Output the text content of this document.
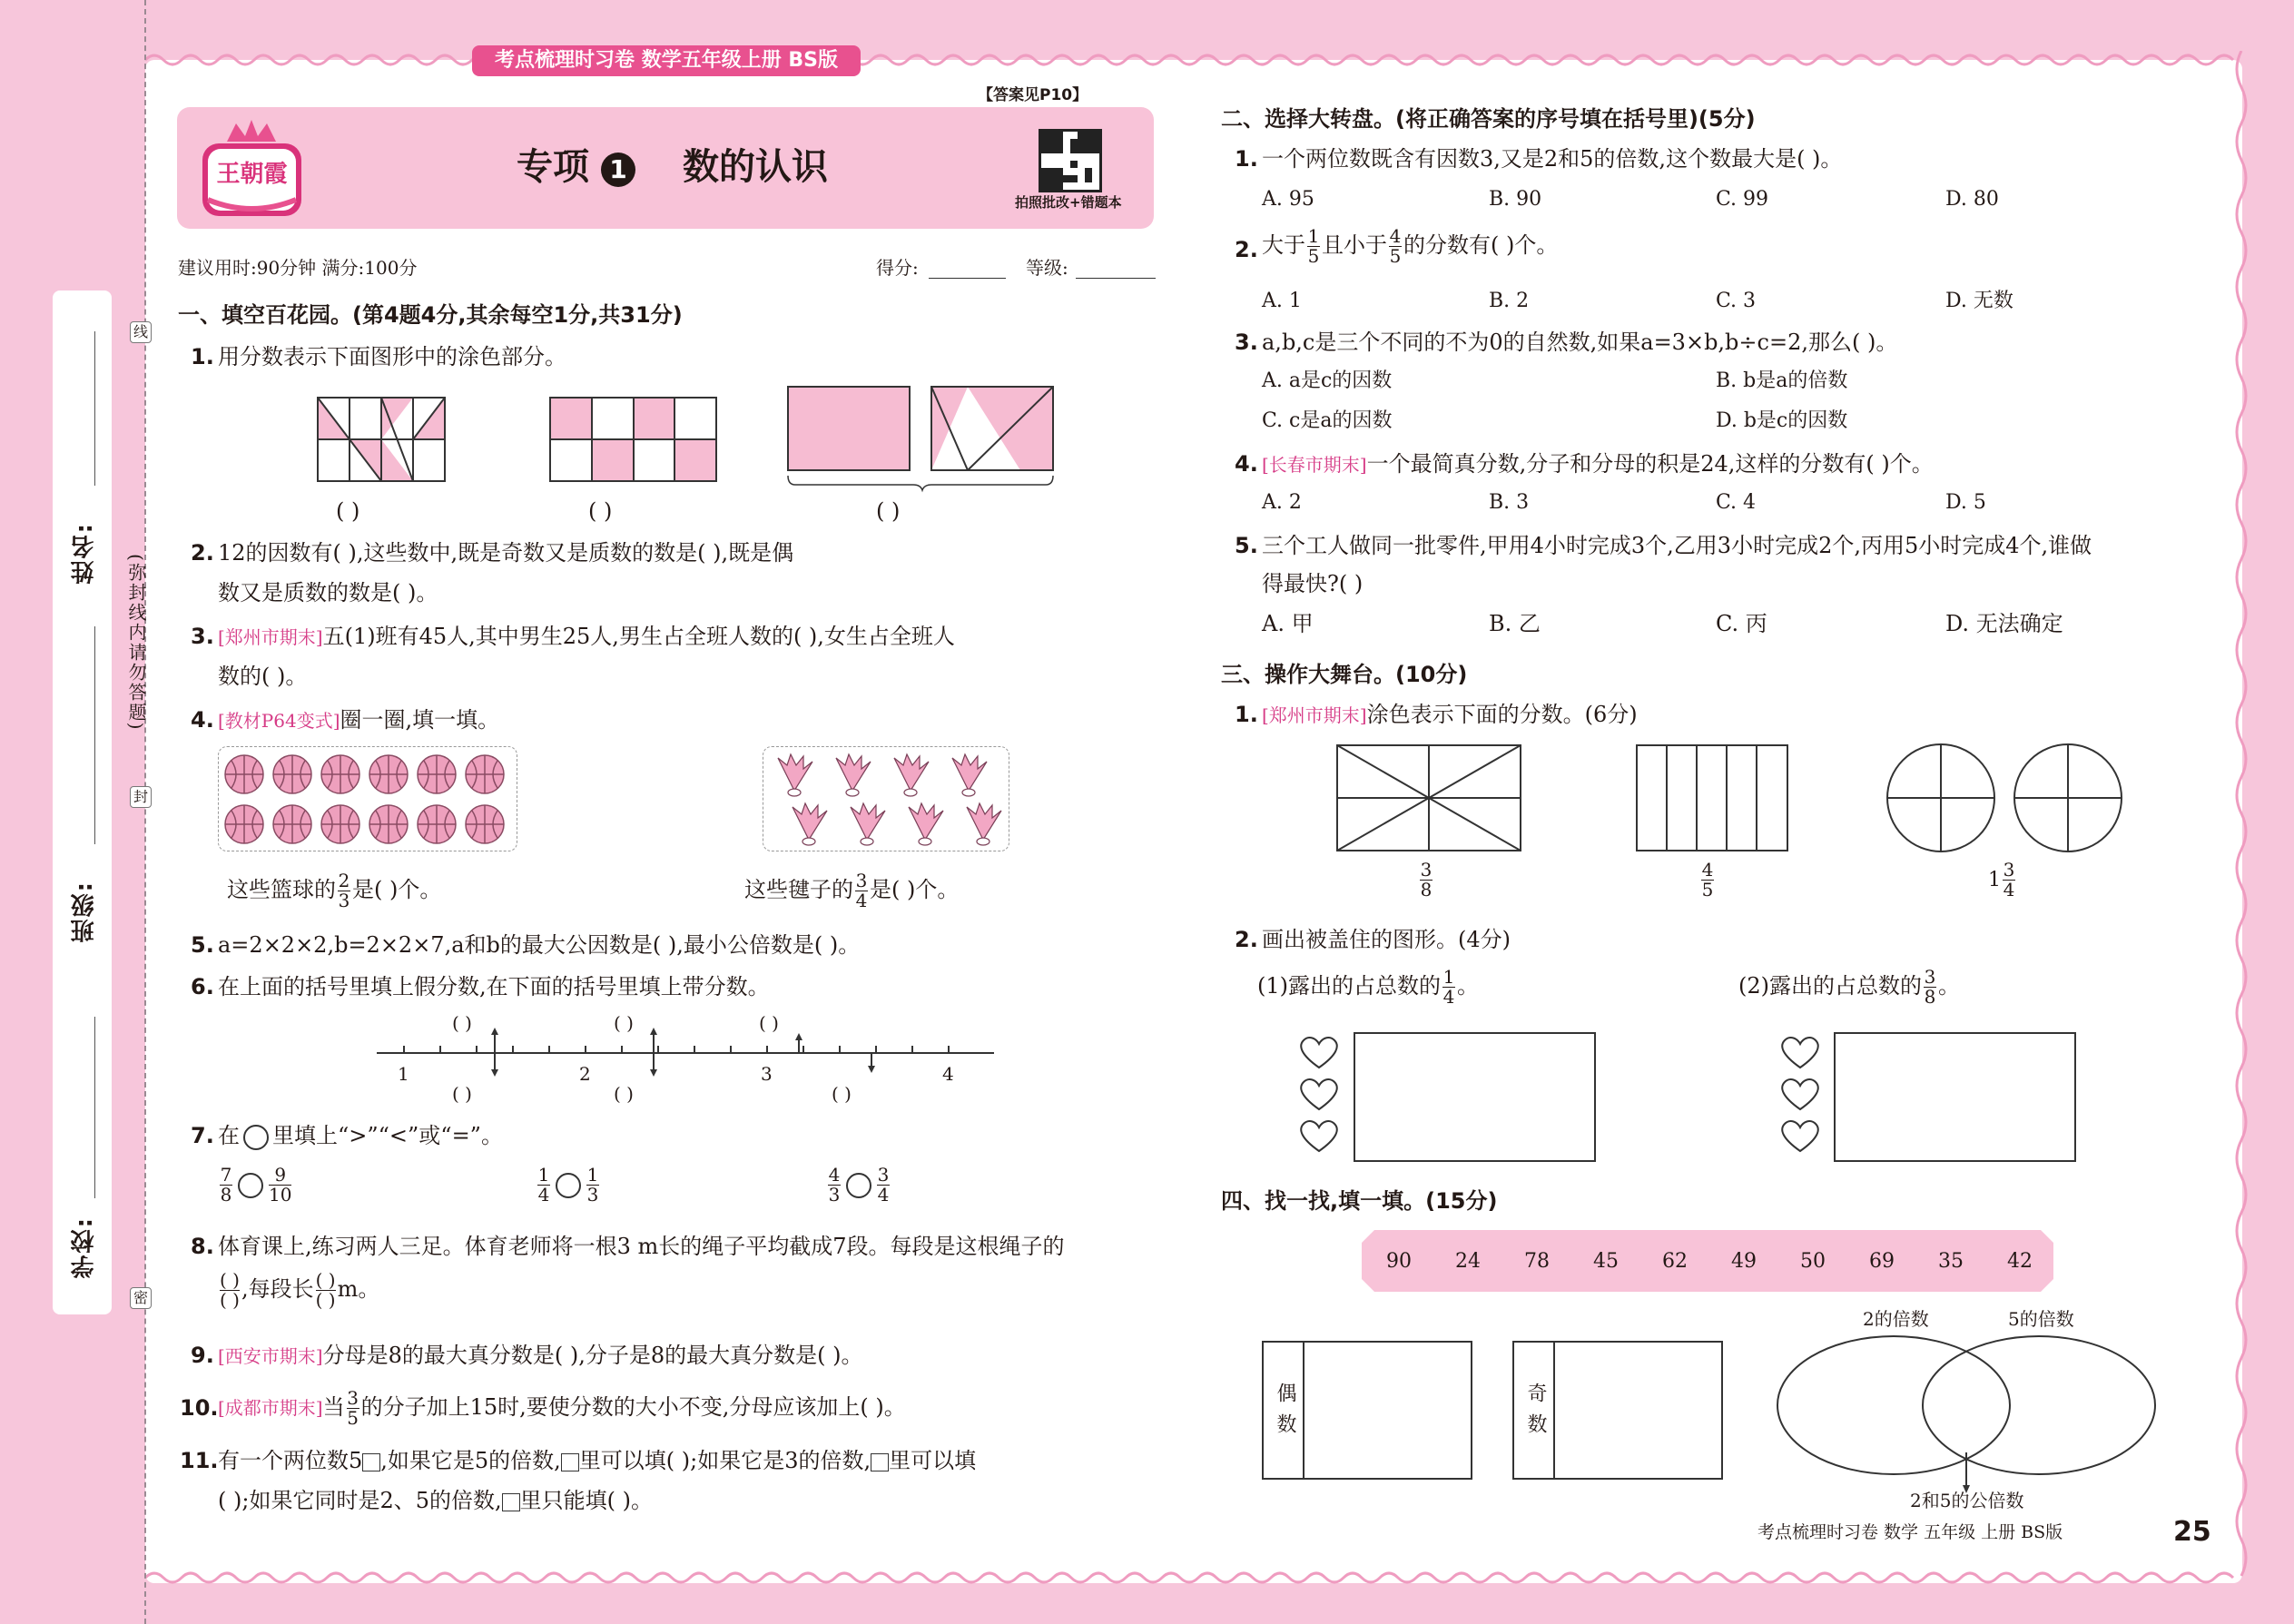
姓名:
班级:
学校:
(弥封线内请勿答题)
线
封
密
考点梳理时习卷 数学五年级上册 BS版
王朝霞	专项 1 数的认识
【答案见P10】
拍照批改+错题本
建议用时:90分钟 满分:100分	得分:	等级:
一、填空百花园。(第4题4分,其余每空1分,共31分)
1. 用分数表示下面图形中的涂色部分。
( )	( )	( )
2. 12的因数有( ),这些数中,既是奇数又是质数的数是( ),既是偶
数又是质数的数是( )。
3. [郑州市期末]五(1)班有45人,其中男生25人,男生占全班人数的( ),女生占全班人
数的( )。
4. [教材P64变式]圈一圈,填一填。
这些篮球的 $\frac{2}{3}$ 是( )个。	这些毽子的 $\frac{3}{4}$ 是( )个。
5. a=2×2×2,b=2×2×7,a和b的最大公因数是( ),最小公倍数是( )。
6. 在上面的括号里填上假分数,在下面的括号里填上带分数。
1	2	3	4
( )	( )	( )
( )	( )	( )
7. 在 里填上“>”“<”或“=”。
$\frac{7}{8} \frac{9}{10}$	$\frac{1}{4} \frac{1}{3}$	$\frac{4}{3} \frac{3}{4}$
8. 体育课上,练习两人三足。体育老师将一根3 m长的绳子平均截成7段。每段是这根绳子的
$\frac{( )}{( )}$ ,每段长 $\frac{( )}{( )}$ m。
9. [西安市期末]分母是8的最大真分数是( ),分子是8的最大真分数是( )。
10. [成都市期末]当 $\frac{3}{5}$ 的分子加上15时,要使分数的大小不变,分母应该加上( )。
11. 有一个两位数5 ,如果它是5的倍数, 里可以填( );如果它是3的倍数, 里可以填
( );如果它同时是2、5的倍数, 里只能填( )。
二、选择大转盘。(将正确答案的序号填在括号里)(5分)
1. 一个两位数既含有因数3,又是2和5的倍数,这个数最大是( )。
A. 95	B. 90	C. 99	D. 80
2. 大于 $\frac{1}{5}$ 且小于 $\frac{4}{5}$ 的分数有( )个。
A. 1	B. 2	C. 3	D. 无数
3. a,b,c是三个不同的不为0的自然数,如果a=3×b,b÷c=2,那么( )。
A. a是c的因数	B. b是a的倍数
C. c是a的因数	D. b是c的因数
4. [长春市期末]一个最简真分数,分子和分母的积是24,这样的分数有( )个。
A. 2	B. 3	C. 4	D. 5
5. 三个工人做同一批零件,甲用4小时完成3个,乙用3小时完成2个,丙用5小时完成4个,谁做
得最快?( )
A. 甲	B. 乙	C. 丙	D. 无法确定
三、操作大舞台。(10分)
1. [郑州市期末]涂色表示下面的分数。(6分)
$\frac{3}{8}$	$\frac{4}{5}$	$1 \frac{3}{4}$
2. 画出被盖住的图形。(4分)
(1)露出的占总数的 $\frac{1}{4}$ 。	(2)露出的占总数的 $\frac{3}{8}$ 。
四、找一找,填一填。(15分)
90 24 78 45 62 49 50 69 35 42
偶数	奇数
2的倍数	5的倍数
2和5的公倍数
考点梳理时习卷 数学 五年级 上册 BS版	25
